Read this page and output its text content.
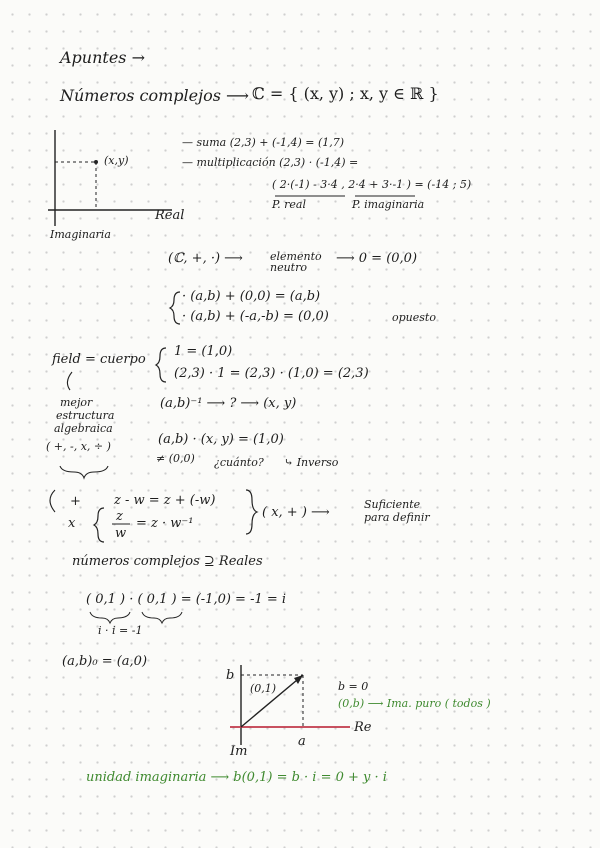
Apuntes →
Números complejos ⟶ ℂ = { (x, y) ; x, y ∈ ℝ }
(x,y)
Real
Imaginaria
— suma (2,3) + (-1,4) = (1,7)
— multiplicación (2,3) · (-1,4) =
( 2·(-1) - 3·4 , 2·4 + 3·-1 ) = (-14 ; 5)
P. real	P. imaginaria
(ℂ, +, ·) ⟶ elemento neutro
⟶ 0 = (0,0)
· (a,b) + (0,0) = (a,b)
· (a,b) + (-a,-b) = (0,0)	opuesto
field = cuerpo
mejor
estructura
algebraica
( +, -, x, ÷ )
1 = (1,0)
(2,3) · 1 = (2,3) · (1,0) = (2,3)
(a,b)⁻¹ ⟶ ? ⟶ (x, y)
(a,b) · (x, y) = (1,0)
≠ (0,0) ¿cuánto? ⤷ Inverso
+
x
z - w = z + (-w)
z
w
= z · w⁻¹
( x, + ) ⟶
Suficiente
para definir
números complejos ⊇ Reales
( 0,1 ) · ( 0,1 ) = (-1,0) = -1 = 𝑖
𝑖 · 𝑖 = -1
(a,b)₀ = (a,0)
b
(0,1)
a
Re
Im
b = 0
(0,b) ⟶ Ima. puro ( todos )
unidad imaginaria ⟶ b(0,1) = b · i = 0 + y · i
